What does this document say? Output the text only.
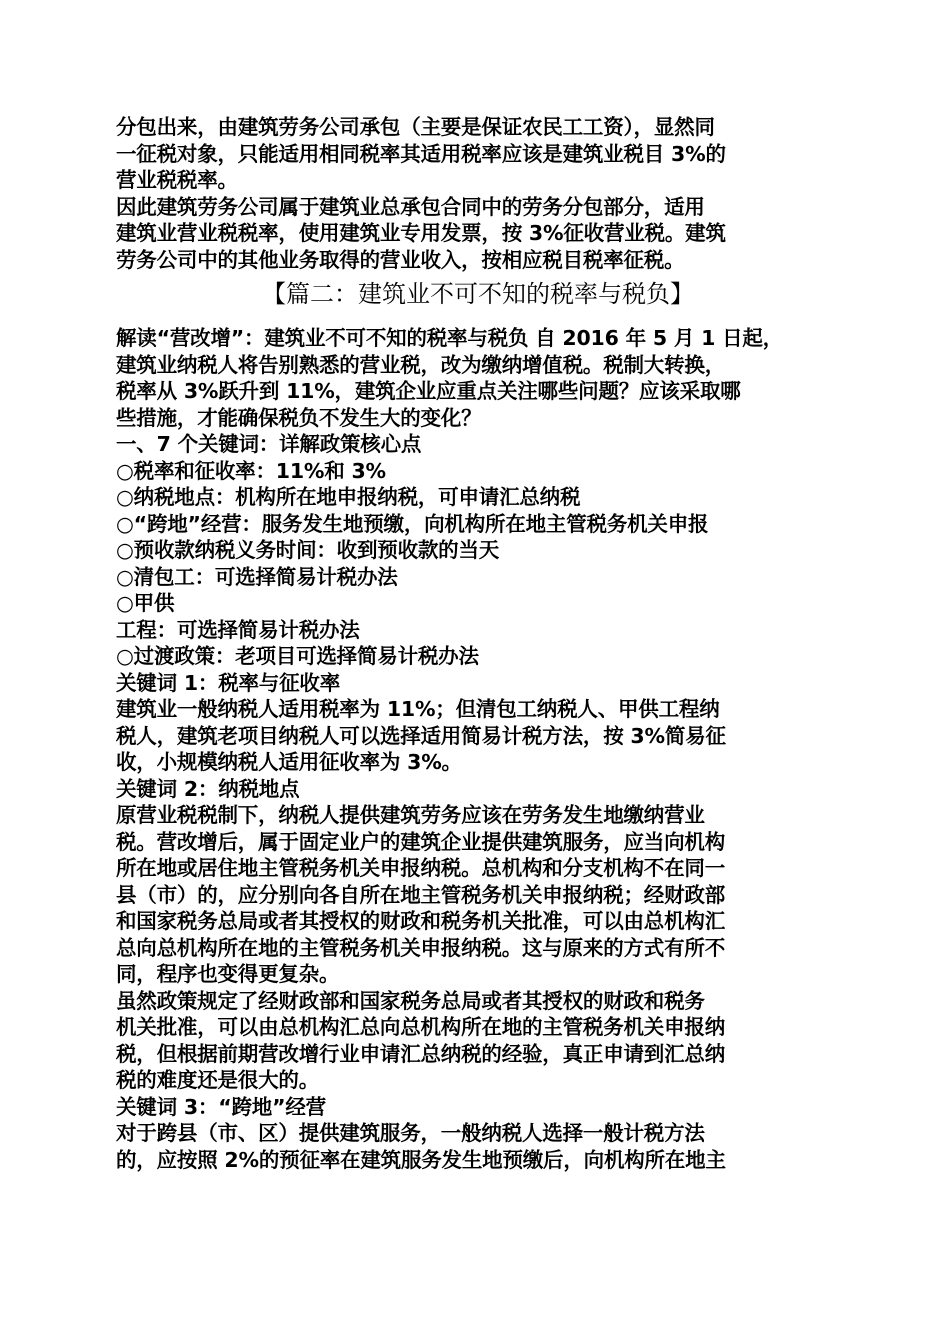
分包出来，由建筑劳务公司承包（主要是保证农民工工资），显然同
一征税对象，只能适用相同税率其适用税率应该是建筑业税目 3%的
营业税税率。
因此建筑劳务公司属于建筑业总承包合同中的劳务分包部分，适用
建筑业营业税税率，使用建筑业专用发票，按 3%征收营业税。建筑
劳务公司中的其他业务取得的营业收入，按相应税目税率征税。
【篇二：建筑业不可不知的税率与税负】
解读“营改增”：建筑业不可不知的税率与税负 自 2016 年 5 月 1 日起，
建筑业纳税人将告别熟悉的营业税，改为缴纳增值税。税制大转换，
税率从 3%跃升到 11%，建筑企业应重点关注哪些问题？应该采取哪
些措施，才能确保税负不发生大的变化？
一、7 个关键词：详解政策核心点
○税率和征收率：11%和 3%
○纳税地点：机构所在地申报纳税，可申请汇总纳税
○“跨地”经营：服务发生地预缴，向机构所在地主管税务机关申报
○预收款纳税义务时间：收到预收款的当天
○清包工：可选择简易计税办法
○甲供
工程：可选择简易计税办法
○过渡政策：老项目可选择简易计税办法
关键词 1：税率与征收率
建筑业一般纳税人适用税率为 11%；但清包工纳税人、甲供工程纳
税人，建筑老项目纳税人可以选择适用简易计税方法，按 3%简易征
收，小规模纳税人适用征收率为 3%。
关键词 2：纳税地点
原营业税税制下，纳税人提供建筑劳务应该在劳务发生地缴纳营业
税。营改增后，属于固定业户的建筑企业提供建筑服务，应当向机构
所在地或居住地主管税务机关申报纳税。总机构和分支机构不在同一
县（市）的，应分别向各自所在地主管税务机关申报纳税；经财政部
和国家税务总局或者其授权的财政和税务机关批准，可以由总机构汇
总向总机构所在地的主管税务机关申报纳税。这与原来的方式有所不
同，程序也变得更复杂。
虽然政策规定了经财政部和国家税务总局或者其授权的财政和税务
机关批准，可以由总机构汇总向总机构所在地的主管税务机关申报纳
税，但根据前期营改增行业申请汇总纳税的经验，真正申请到汇总纳
税的难度还是很大的。
关键词 3：“跨地”经营
对于跨县（市、区）提供建筑服务，一般纳税人选择一般计税方法
的，应按照 2%的预征率在建筑服务发生地预缴后，向机构所在地主
